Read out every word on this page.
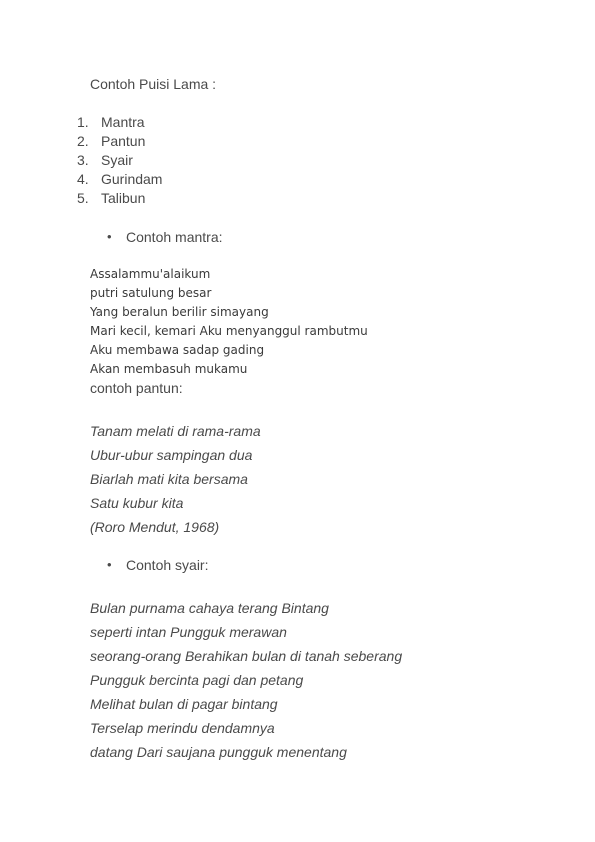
Contoh Puisi Lama :
1. Mantra
2. Pantun
3. Syair
4. Gurindam
5. Talibun
• Contoh mantra:
Assalammu'alaikum
putri satulung besar
Yang beralun berilir simayang
Mari kecil, kemari Aku menyanggul rambutmu
Aku membawa sadap gading
Akan membasuh mukamu
contoh pantun:
Tanam melati di rama-rama
Ubur-ubur sampingan dua
Biarlah mati kita bersama
Satu kubur kita
(Roro Mendut, 1968)
• Contoh syair:
Bulan purnama cahaya terang Bintang
seperti intan Pungguk merawan
seorang-orang Berahikan bulan di tanah seberang
Pungguk bercinta pagi dan petang
Melihat bulan di pagar bintang
Terselap merindu dendamnya
datang Dari saujana pungguk menentang
